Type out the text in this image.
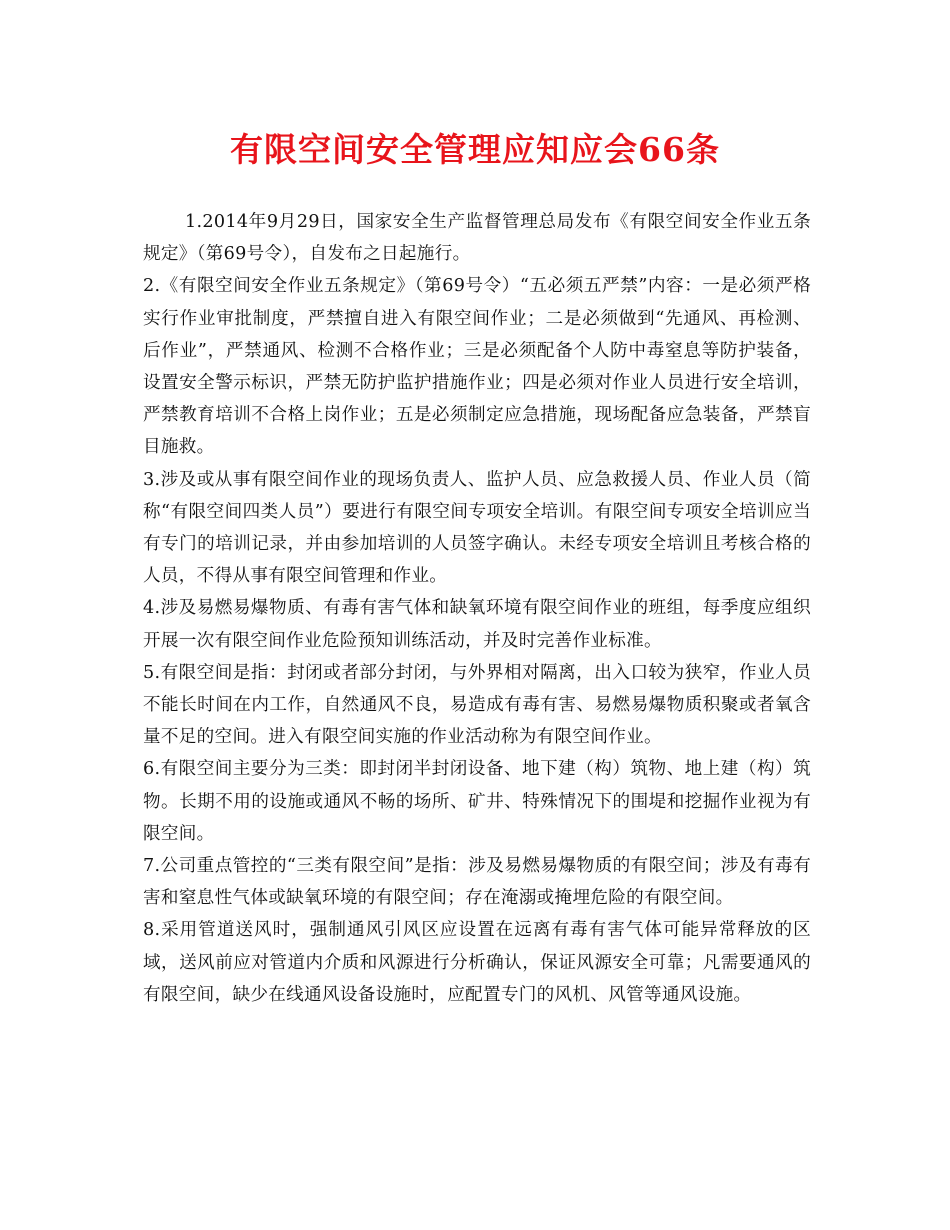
有限空间安全管理应知应会66条

1.2014年9月29日，国家安全生产监督管理总局发布《有限空间安全作业五条规定》（第69号令），自发布之日起施行。

2.《有限空间安全作业五条规定》（第69号令）“五必须五严禁”内容：一是必须严格实行作业审批制度，严禁擅自进入有限空间作业；二是必须做到“先通风、再检测、后作业”，严禁通风、检测不合格作业；三是必须配备个人防中毒窒息等防护装备，设置安全警示标识，严禁无防护监护措施作业；四是必须对作业人员进行安全培训，严禁教育培训不合格上岗作业；五是必须制定应急措施，现场配备应急装备，严禁盲目施救。

3.涉及或从事有限空间作业的现场负责人、监护人员、应急救援人员、作业人员（简称“有限空间四类人员”）要进行有限空间专项安全培训。有限空间专项安全培训应当有专门的培训记录，并由参加培训的人员签字确认。未经专项安全培训且考核合格的人员，不得从事有限空间管理和作业。

4.涉及易燃易爆物质、有毒有害气体和缺氧环境有限空间作业的班组，每季度应组织开展一次有限空间作业危险预知训练活动，并及时完善作业标准。

5.有限空间是指：封闭或者部分封闭，与外界相对隔离，出入口较为狭窄，作业人员不能长时间在内工作，自然通风不良，易造成有毒有害、易燃易爆物质积聚或者氧含量不足的空间。进入有限空间实施的作业活动称为有限空间作业。

6.有限空间主要分为三类：即封闭半封闭设备、地下建（构）筑物、地上建（构）筑物。长期不用的设施或通风不畅的场所、矿井、特殊情况下的围堤和挖掘作业视为有限空间。

7.公司重点管控的“三类有限空间”是指：涉及易燃易爆物质的有限空间；涉及有毒有害和窒息性气体或缺氧环境的有限空间；存在淹溺或掩埋危险的有限空间。

8.采用管道送风时，强制通风引风区应设置在远离有毒有害气体可能异常释放的区域，送风前应对管道内介质和风源进行分析确认，保证风源安全可靠；凡需要通风的有限空间，缺少在线通风设备设施时，应配置专门的风机、风管等通风设施。
